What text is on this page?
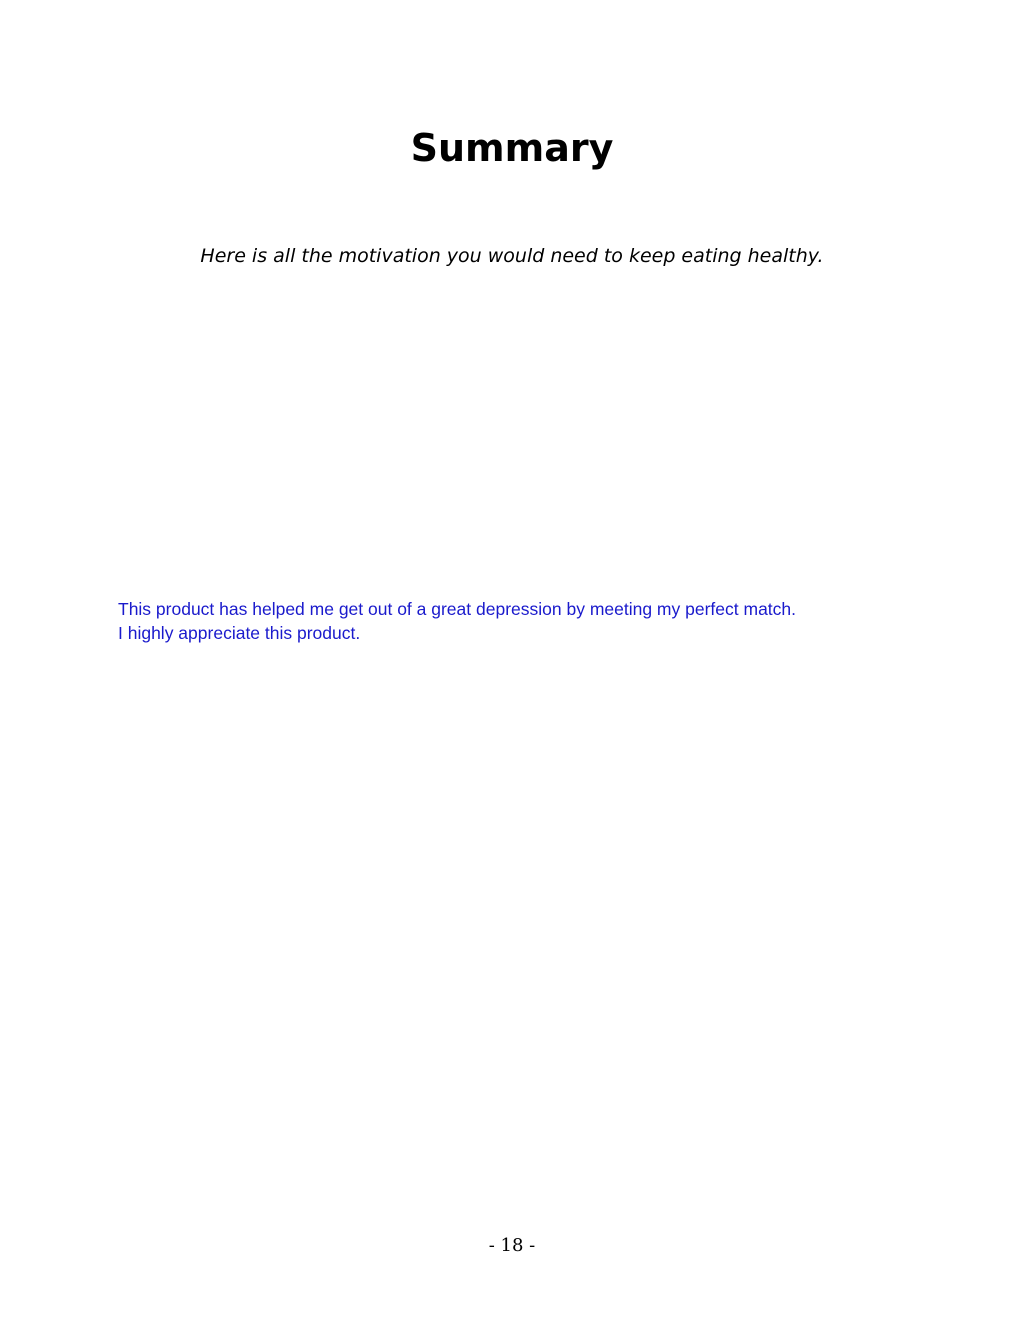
Summary

Here is all the motivation you would need to keep eating healthy.

This product has helped me get out of a great depression by meeting my perfect match.
I highly appreciate this product.

- 18 -
